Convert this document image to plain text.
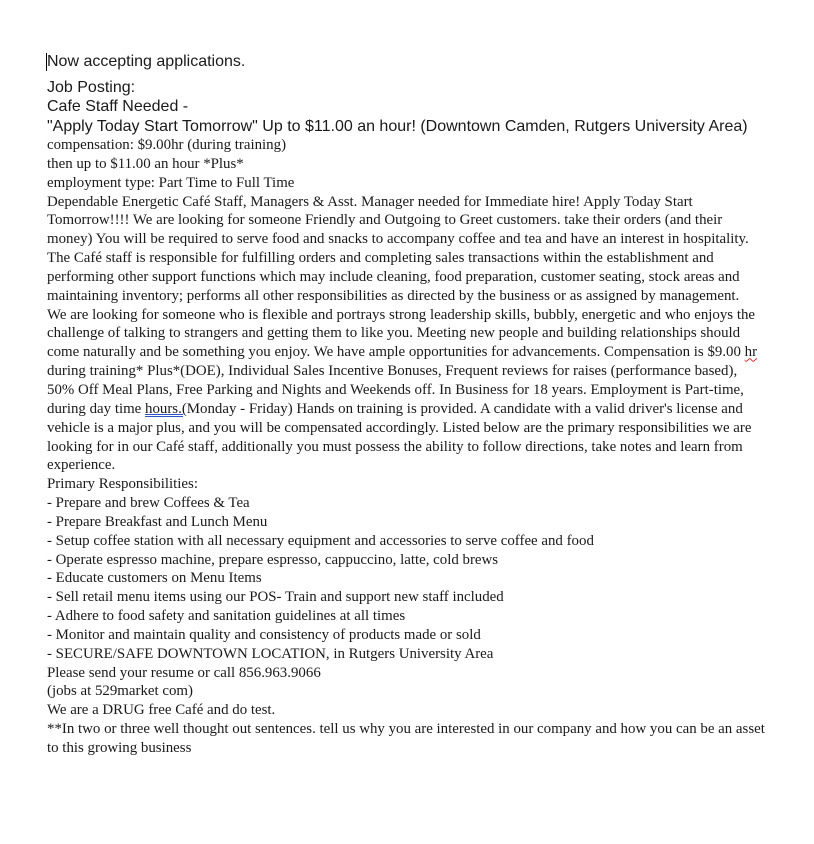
Now accepting applications.

Job Posting:

Cafe Staff Needed -

"Apply Today Start Tomorrow" Up to $11.00 an hour! (Downtown Camden, Rutgers University Area)

compensation: $9.00hr (during training)

then up to $11.00 an hour *Plus*

employment type: Part Time to Full Time

Dependable Energetic Café Staff, Managers & Asst. Manager needed for Immediate hire! Apply Today Start Tomorrow!!!! We are looking for someone Friendly and Outgoing to Greet customers. take their orders (and their money) You will be required to serve food and snacks to accompany coffee and tea and have an interest in hospitality. The Café staff is responsible for fulfilling orders and completing sales transactions within the establishment and performing other support functions which may include cleaning, food preparation, customer seating, stock areas and maintaining inventory; performs all other responsibilities as directed by the business or as assigned by management.

We are looking for someone who is flexible and portrays strong leadership skills, bubbly, energetic and who enjoys the challenge of talking to strangers and getting them to like you. Meeting new people and building relationships should come naturally and be something you enjoy. We have ample opportunities for advancements. Compensation is $9.00 hr during training* Plus*(DOE), Individual Sales Incentive Bonuses, Frequent reviews for raises (performance based), 50% Off Meal Plans, Free Parking and Nights and Weekends off. In Business for 18 years. Employment is Part-time, during day time hours.(Monday - Friday) Hands on training is provided. A candidate with a valid driver's license and vehicle is a major plus, and you will be compensated accordingly. Listed below are the primary responsibilities we are looking for in our Café staff, additionally you must possess the ability to follow directions, take notes and learn from experience.

Primary Responsibilities:

- Prepare and brew Coffees & Tea

- Prepare Breakfast and Lunch Menu

- Setup coffee station with all necessary equipment and accessories to serve coffee and food

- Operate espresso machine, prepare espresso, cappuccino, latte, cold brews

- Educate customers on Menu Items

- Sell retail menu items using our POS- Train and support new staff included

- Adhere to food safety and sanitation guidelines at all times

- Monitor and maintain quality and consistency of products made or sold

- SECURE/SAFE DOWNTOWN LOCATION, in Rutgers University Area

Please send your resume or call 856.963.9066

(jobs at 529market com)

We are a DRUG free Café and do test.

**In two or three well thought out sentences. tell us why you are interested in our company and how you can be an asset to this growing business
